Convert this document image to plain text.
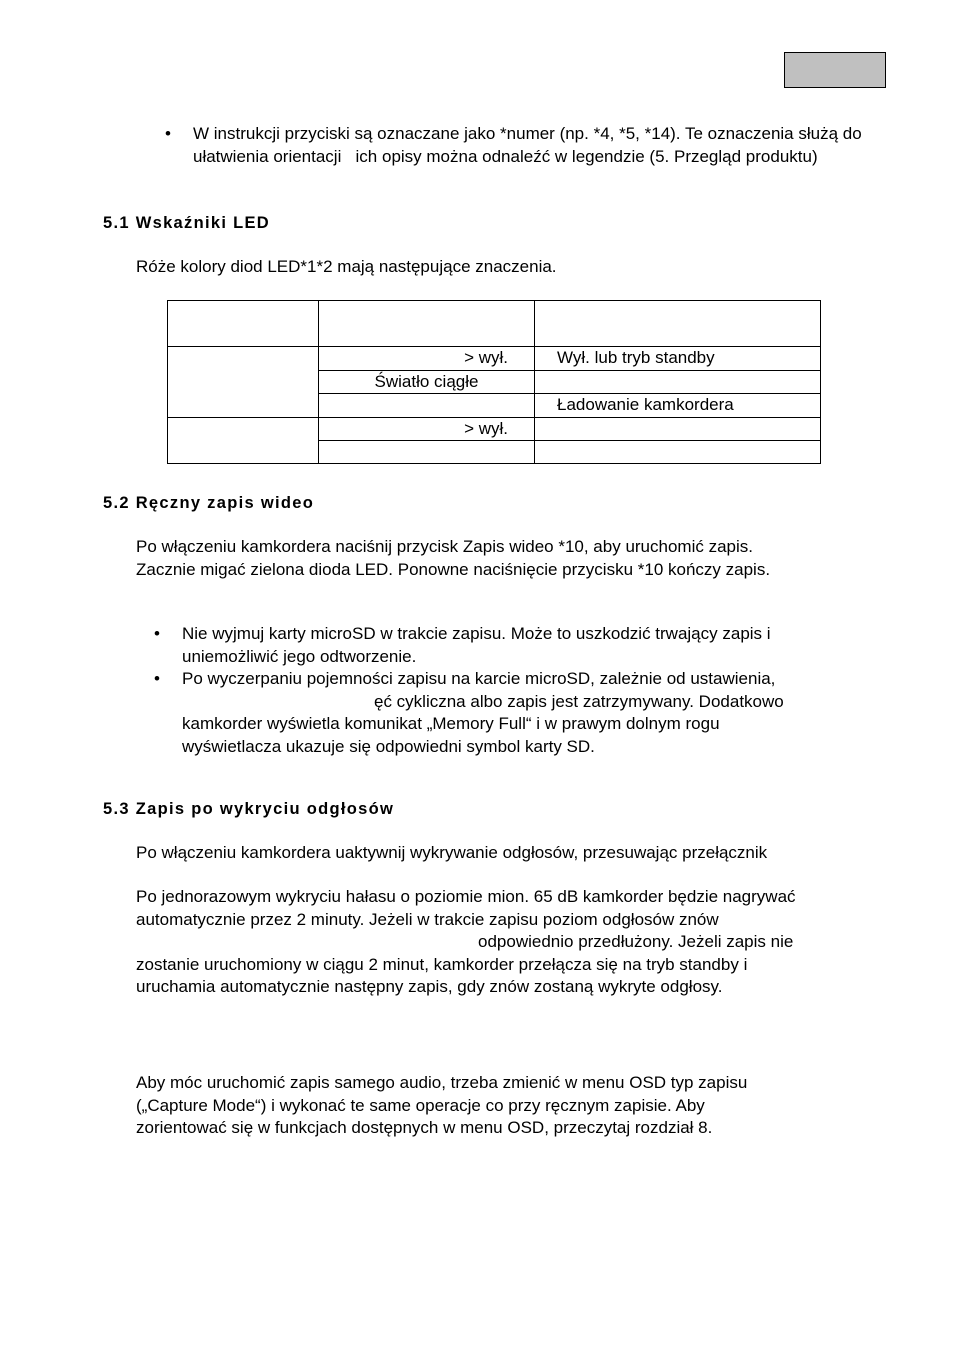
• W instrukcji przyciski są oznaczane jako *numer (np. *4, *5, *14). Te oznaczenia służą do ułatwienia orientacji   ich opisy można odnaleźć w legendzie (5. Przegląd produktu)
5.1 Wskaźniki LED
Róże kolory diod LED*1*2 mają następujące znaczenia.

	> wył.	Wył. lub tryb standby
	Światło ciągłe	
		Ładowanie kamkordera
	> wył.	

5.2 Ręczny zapis wideo
Po włączeniu kamkordera naciśnij przycisk Zapis wideo *10, aby uruchomić zapis.
Zacznie migać zielona dioda LED. Ponowne naciśnięcie przycisku *10 kończy zapis.
• Nie wyjmuj karty microSD w trakcie zapisu. Może to uszkodzić trwający zapis i
uniemożliwić jego odtworzenie.
• Po wyczerpaniu pojemności zapisu na karcie microSD, zależnie od ustawienia,
ęć cykliczna albo zapis jest zatrzymywany. Dodatkowo
kamkorder wyświetla komunikat „Memory Full“ i w prawym dolnym rogu
wyświetlacza ukazuje się odpowiedni symbol karty SD.
5.3 Zapis po wykryciu odgłosów
Po włączeniu kamkordera uaktywnij wykrywanie odgłosów, przesuwając przełącznik
Po jednorazowym wykryciu hałasu o poziomie mion. 65 dB kamkorder będzie nagrywać
automatycznie przez 2 minuty. Jeżeli w trakcie zapisu poziom odgłosów znów
odpowiednio przedłużony. Jeżeli zapis nie
zostanie uruchomiony w ciągu 2 minut, kamkorder przełącza się na tryb standby i
uruchamia automatycznie następny zapis, gdy znów zostaną wykryte odgłosy.
Aby móc uruchomić zapis samego audio, trzeba zmienić w menu OSD typ zapisu
(„Capture Mode“) i wykonać te same operacje co przy ręcznym zapisie. Aby
zorientować się w funkcjach dostępnych w menu OSD, przeczytaj rozdział 8.
